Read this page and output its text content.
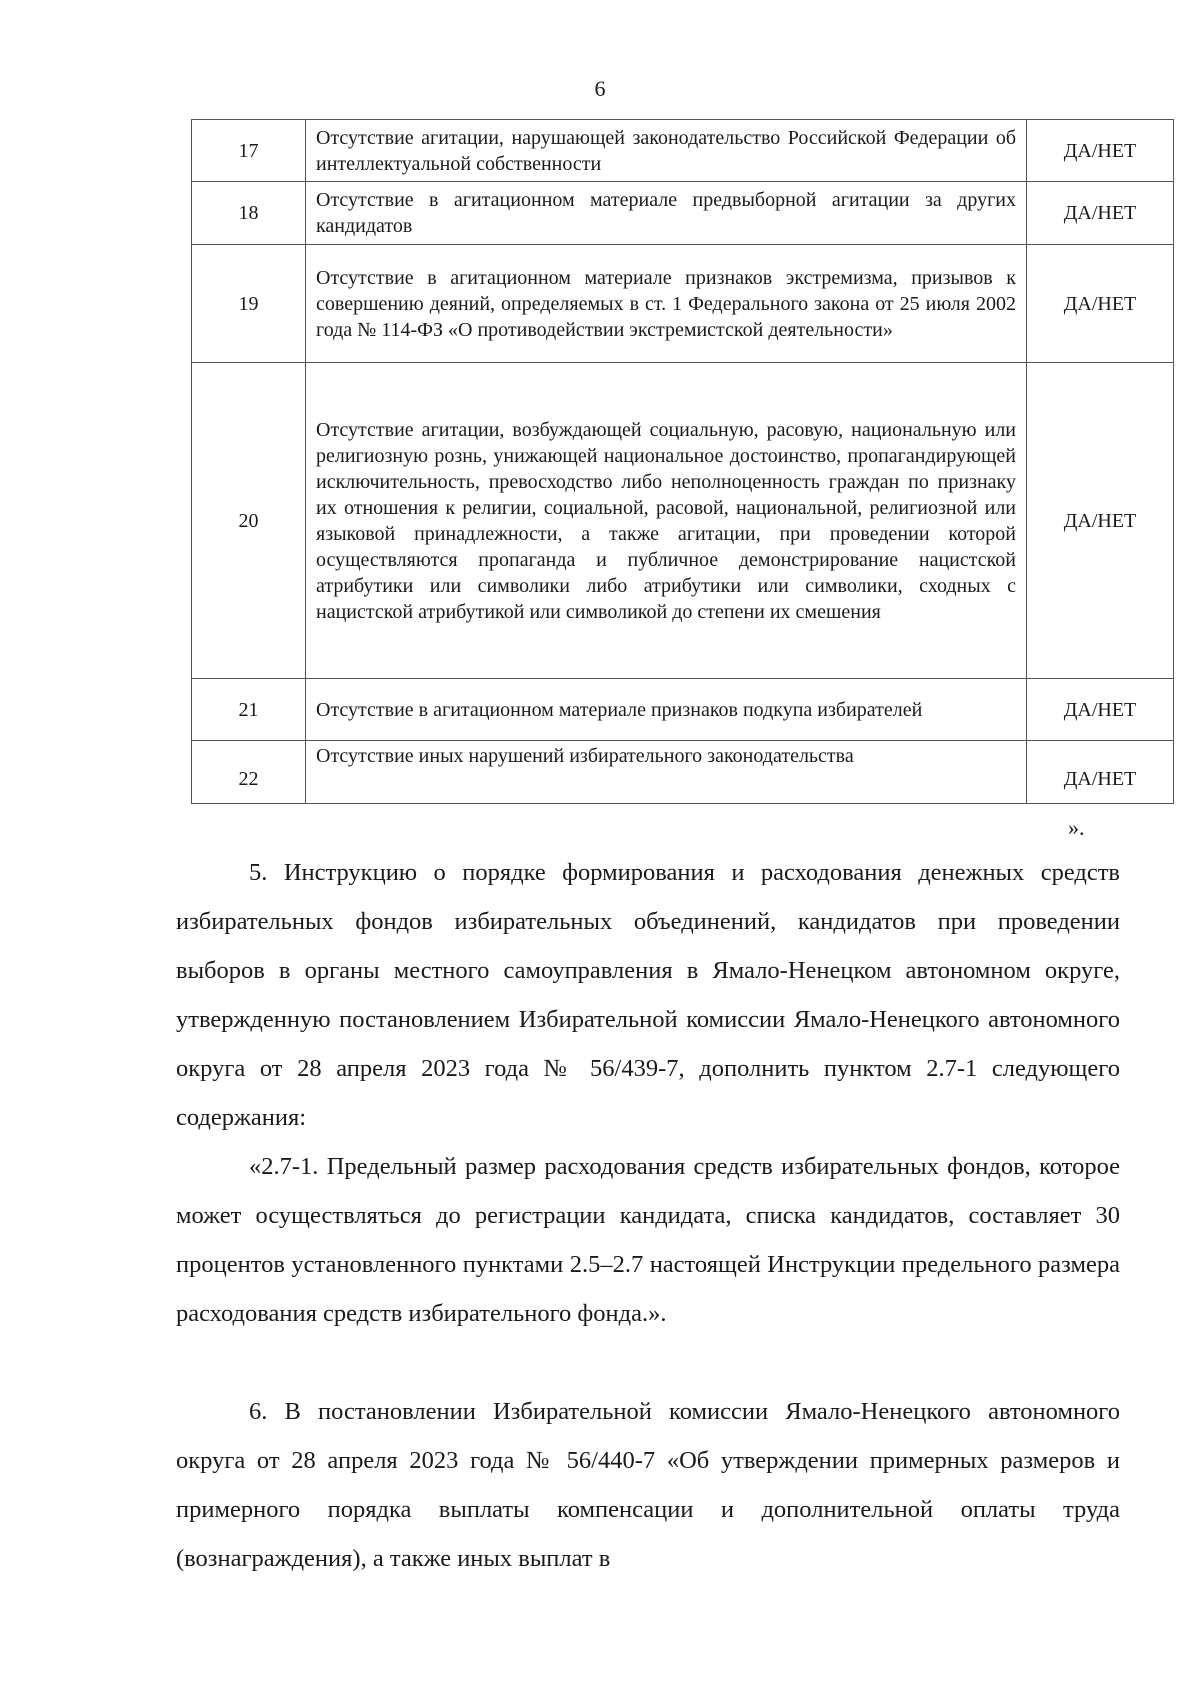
6
17	Отсутствие агитации, нарушающей законодательство Российской Федерации об интеллектуальной собственности	ДА/НЕТ
18	Отсутствие в агитационном материале предвыборной агитации за других кандидатов	ДА/НЕТ
19	Отсутствие в агитационном материале признаков экстремизма, призывов к совершению деяний, определяемых в ст. 1 Федерального закона от 25 июля 2002 года № 114-ФЗ «О противодействии экстремистской деятельности»	ДА/НЕТ
20	Отсутствие агитации, возбуждающей социальную, расовую, национальную или религиозную рознь, унижающей национальное достоинство, пропагандирующей исключительность, превосходство либо неполноценность граждан по признаку их отношения к религии, социальной, расовой, национальной, религиозной или языковой принадлежности, а также агитации, при проведении которой осуществляются пропаганда и публичное демонстрирование нацистской атрибутики или символики либо атрибутики или символики, сходных с нацистской атрибутикой или символикой до степени их смешения	ДА/НЕТ
21	Отсутствие в агитационном материале признаков подкупа избирателей	ДА/НЕТ
22	Отсутствие иных нарушений избирательного законодательства	ДА/НЕТ
».

5. Инструкцию о порядке формирования и расходования денежных средств избирательных фондов избирательных объединений, кандидатов при проведении выборов в органы местного самоуправления в Ямало-Ненецком автономном округе, утвержденную постановлением Избирательной комиссии Ямало-Ненецкого автономного округа от 28 апреля 2023 года № 56/439-7, дополнить пунктом 2.7-1 следующего содержания:

«2.7-1. Предельный размер расходования средств избирательных фондов, которое может осуществляться до регистрации кандидата, списка кандидатов, составляет 30 процентов установленного пунктами 2.5–2.7 настоящей Инструкции предельного размера расходования средств избирательного фонда.».

6. В постановлении Избирательной комиссии Ямало-Ненецкого автономного округа от 28 апреля 2023 года № 56/440-7 «Об утверждении примерных размеров и примерного порядка выплаты компенсации и дополнительной оплаты труда (вознаграждения), а также иных выплат в
